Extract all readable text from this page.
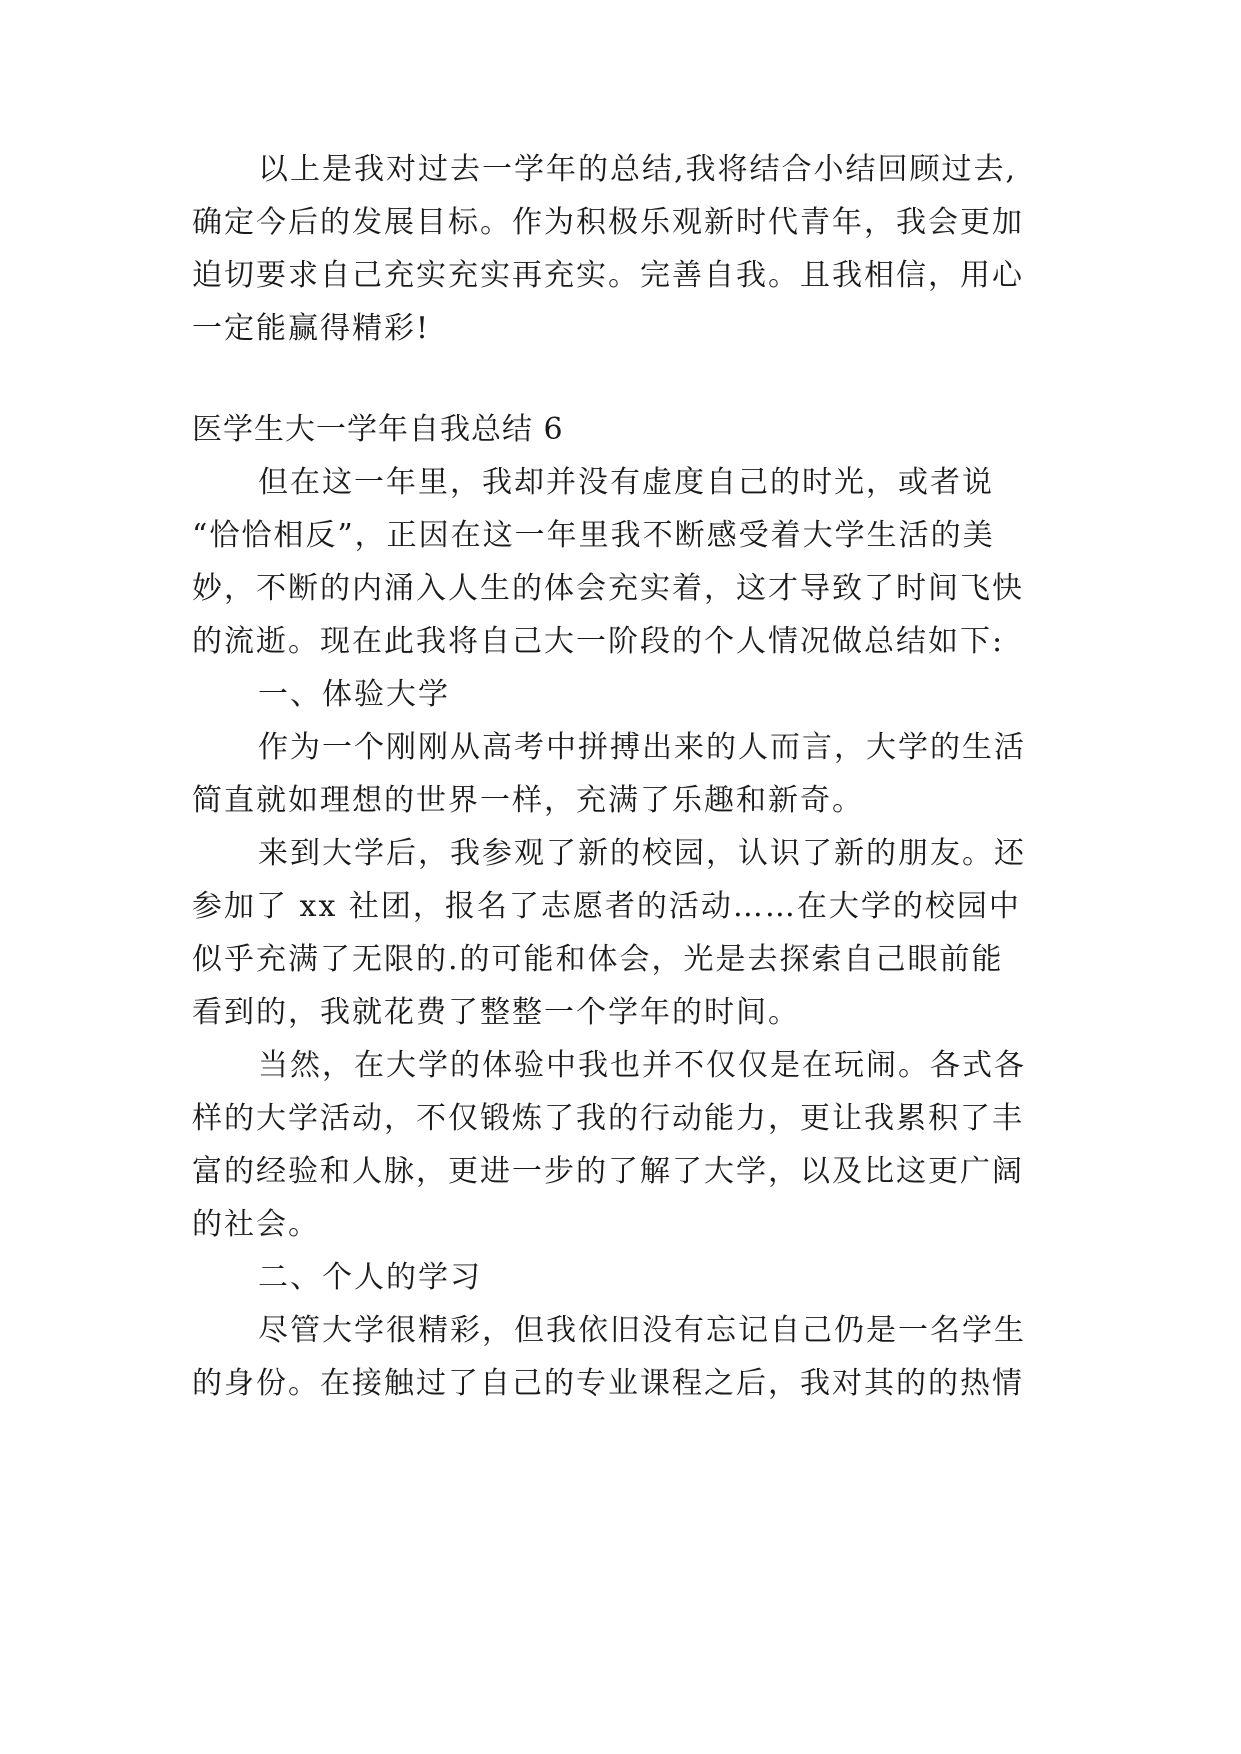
以上是我对过去一学年的总结,我将结合小结回顾过去,
确定今后的发展目标。作为积极乐观新时代青年，我会更加
迫切要求自己充实充实再充实。完善自我。且我相信，用心
一定能赢得精彩!
医学生大一学年自我总结 6
但在这一年里，我却并没有虚度自己的时光，或者说
“恰恰相反”，正因在这一年里我不断感受着大学生活的美
妙，不断的内涌入人生的体会充实着，这才导致了时间飞快
的流逝。现在此我将自己大一阶段的个人情况做总结如下:
一、体验大学
作为一个刚刚从高考中拼搏出来的人而言，大学的生活
简直就如理想的世界一样，充满了乐趣和新奇。
来到大学后，我参观了新的校园，认识了新的朋友。还
参加了 xx 社团，报名了志愿者的活动……在大学的校园中
似乎充满了无限的.的可能和体会，光是去探索自己眼前能
看到的，我就花费了整整一个学年的时间。
当然，在大学的体验中我也并不仅仅是在玩闹。各式各
样的大学活动，不仅锻炼了我的行动能力，更让我累积了丰
富的经验和人脉，更进一步的了解了大学，以及比这更广阔
的社会。
二、个人的学习
尽管大学很精彩，但我依旧没有忘记自己仍是一名学生
的身份。在接触过了自己的专业课程之后，我对其的的热情
